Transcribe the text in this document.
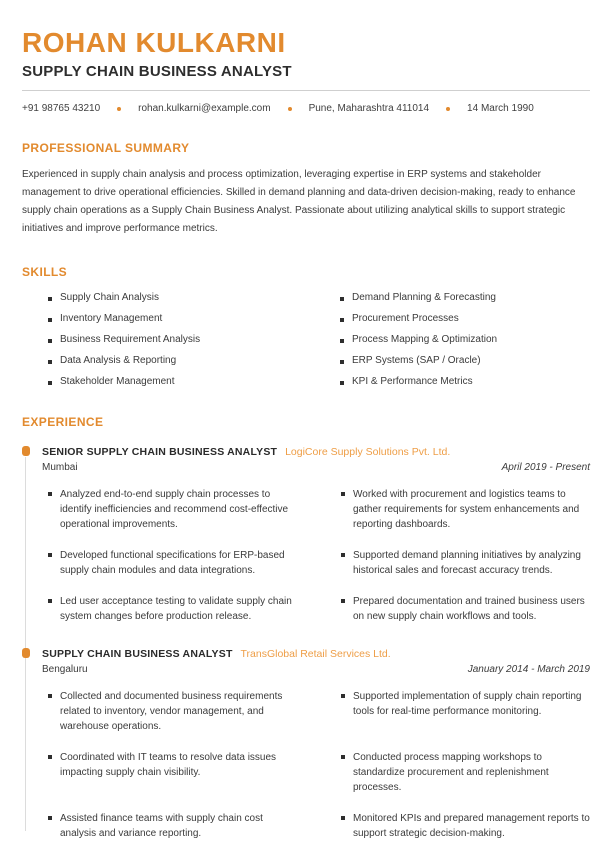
ROHAN KULKARNI
SUPPLY CHAIN BUSINESS ANALYST
+91 98765 43210	rohan.kulkarni@example.com	Pune, Maharashtra 411014	14 March 1990
PROFESSIONAL SUMMARY

Experienced in supply chain analysis and process optimization, leveraging expertise in ERP systems and stakeholder management to drive operational efficiencies. Skilled in demand planning and data-driven decision-making, ready to enhance supply chain operations as a Supply Chain Business Analyst. Passionate about utilizing analytical skills to support strategic initiatives and improve performance metrics.

SKILLS
Supply Chain Analysis	Demand Planning & Forecasting
Inventory Management	Procurement Processes
Business Requirement Analysis	Process Mapping & Optimization
Data Analysis & Reporting	ERP Systems (SAP / Oracle)
Stakeholder Management	KPI & Performance Metrics
EXPERIENCE
SENIOR SUPPLY CHAIN BUSINESS ANALYST LogiCore Supply Solutions Pvt. Ltd.
Mumbai	April 2019 - Present
Analyzed end-to-end supply chain processes to identify inefficiencies and recommend cost-effective operational improvements.
Worked with procurement and logistics teams to gather requirements for system enhancements and reporting dashboards.
Developed functional specifications for ERP-based supply chain modules and data integrations.
Supported demand planning initiatives by analyzing historical sales and forecast accuracy trends.
Led user acceptance testing to validate supply chain system changes before production release.
Prepared documentation and trained business users on new supply chain workflows and tools.
SUPPLY CHAIN BUSINESS ANALYST TransGlobal Retail Services Ltd.
Bengaluru	January 2014 - March 2019
Collected and documented business requirements related to inventory, vendor management, and warehouse operations.
Supported implementation of supply chain reporting tools for real-time performance monitoring.
Coordinated with IT teams to resolve data issues impacting supply chain visibility.
Conducted process mapping workshops to standardize procurement and replenishment processes.
Assisted finance teams with supply chain cost analysis and variance reporting.
Monitored KPIs and prepared management reports to support strategic decision-making.
